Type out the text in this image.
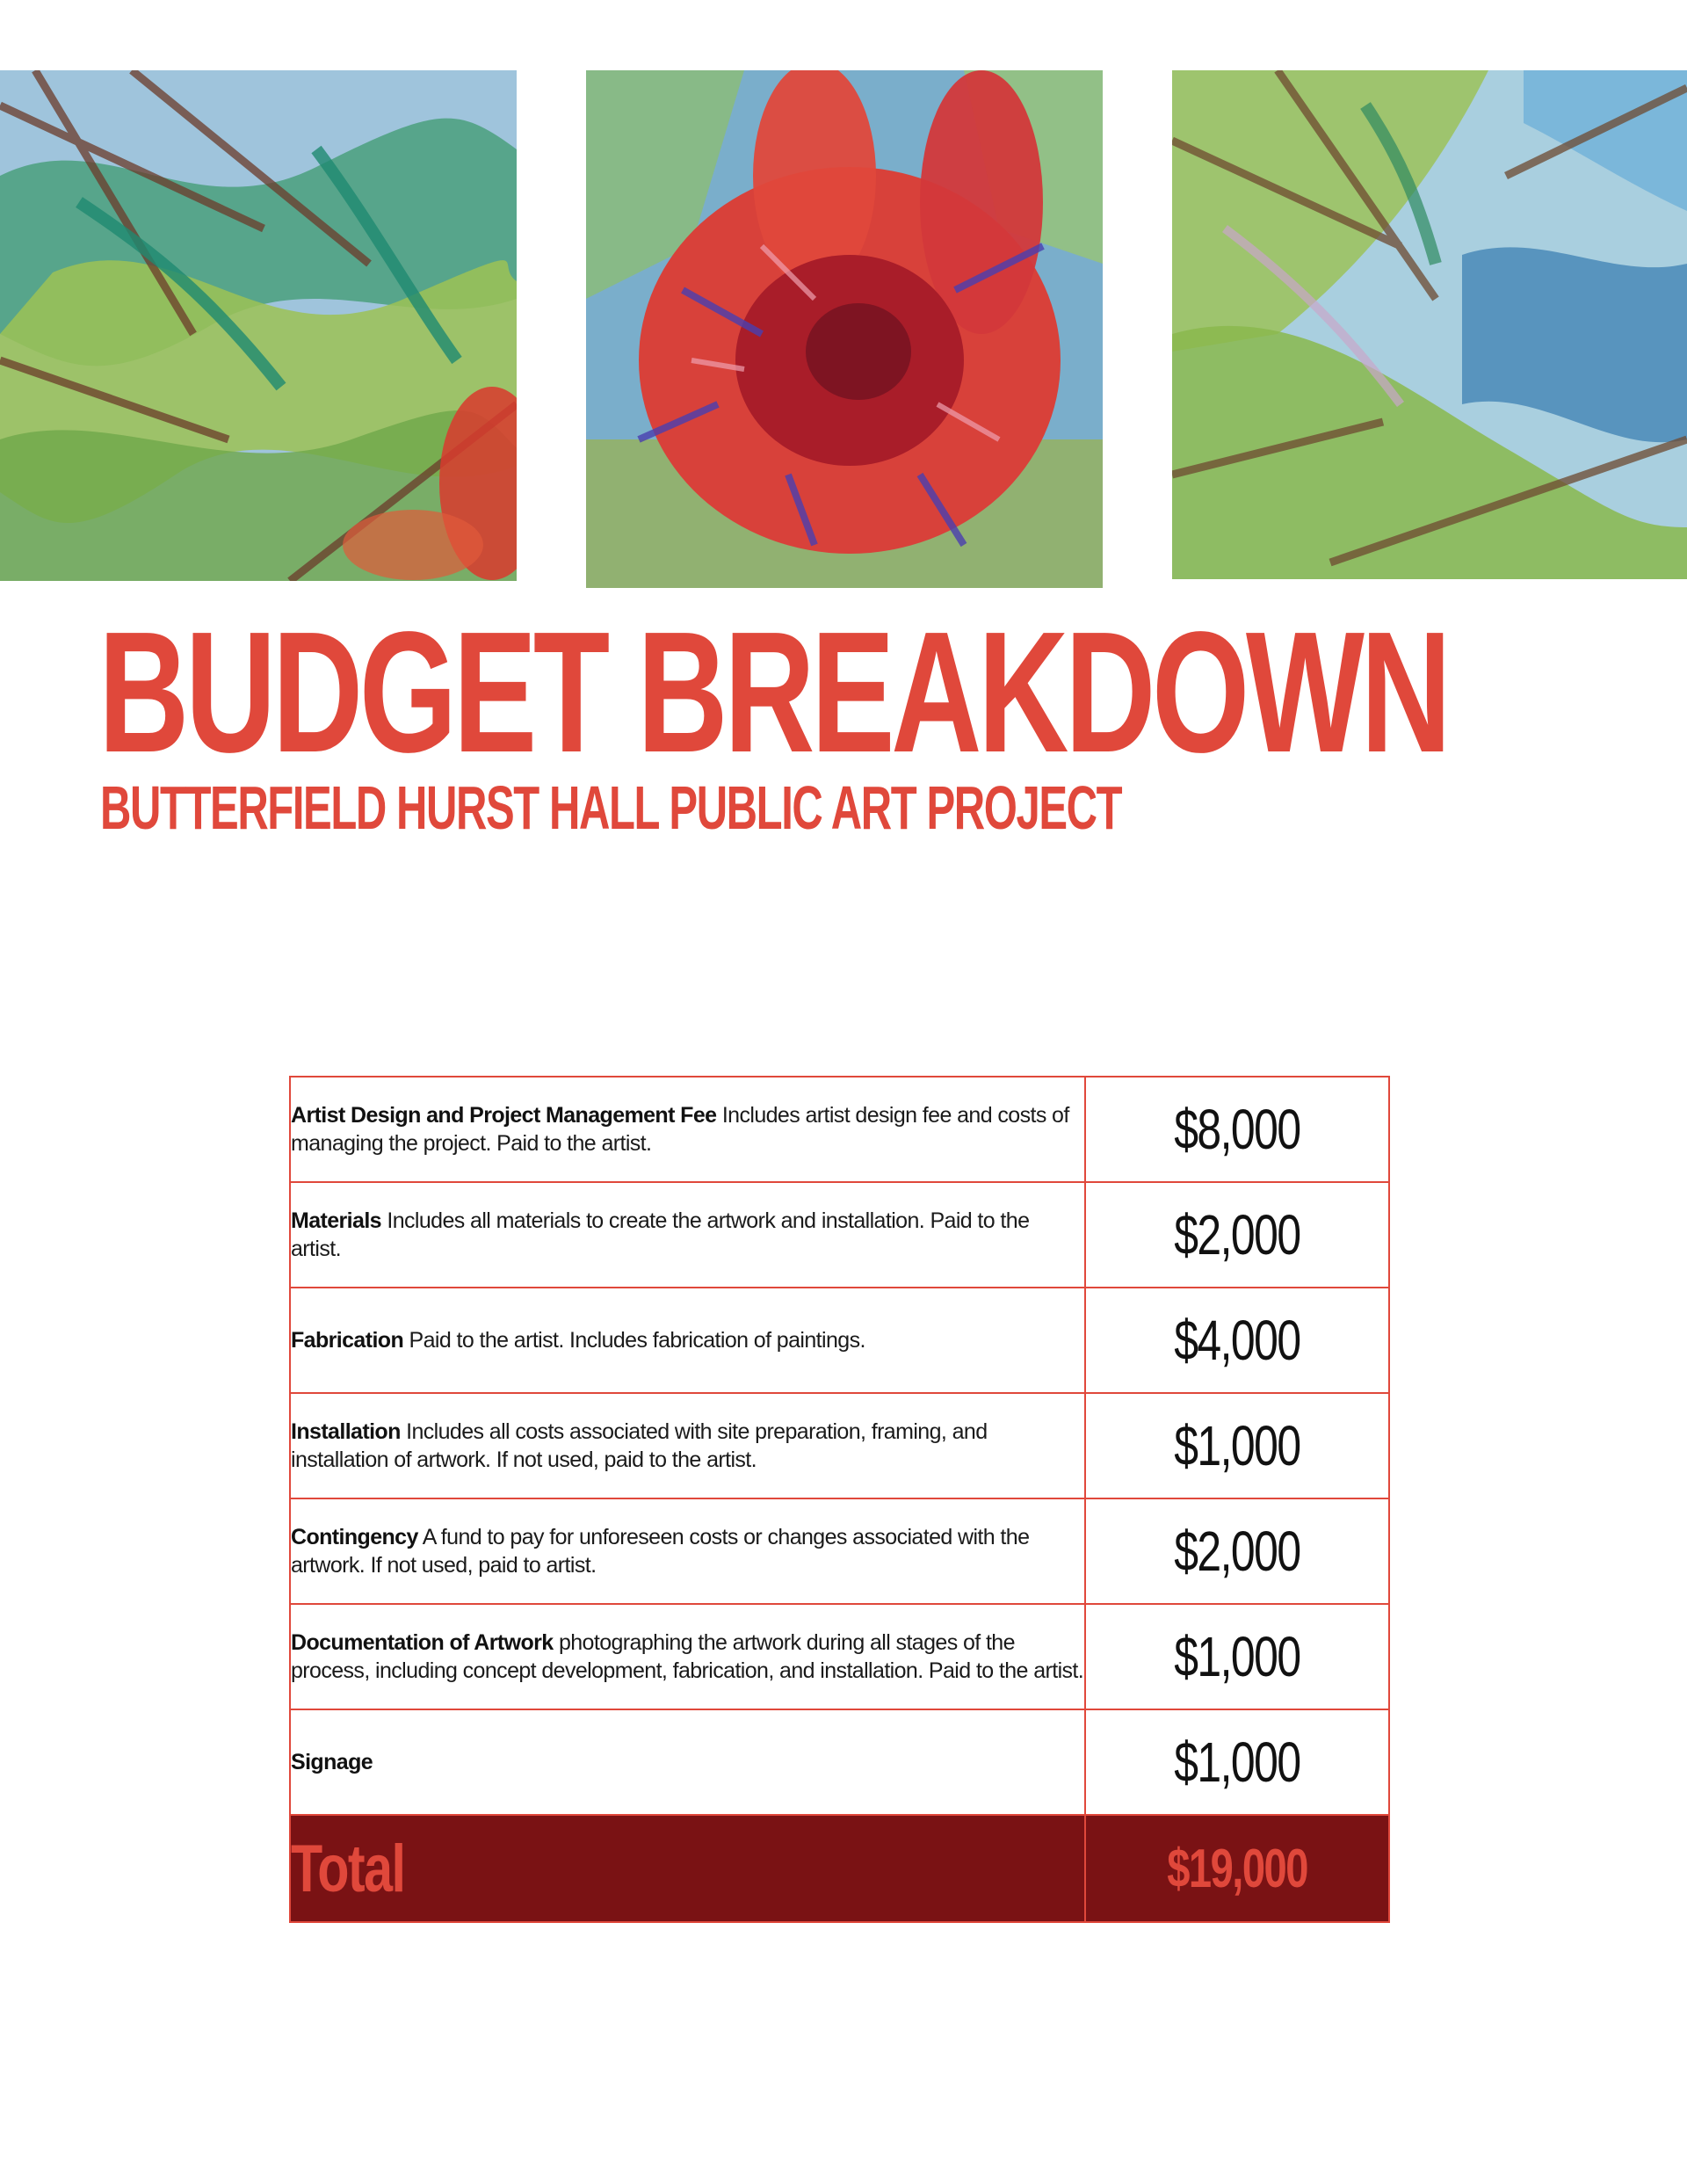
BUDGET BREAKDOWN
BUTTERFIELD HURST HALL PUBLIC ART PROJECT
Artist Design and Project Management Fee Includes artist design fee and costs of managing the project. Paid to the artist.	$8,000
Materials Includes all materials to create the artwork and installation. Paid to the artist.	$2,000
Fabrication Paid to the artist. Includes fabrication of paintings.	$4,000
Installation Includes all costs associated with site preparation, framing, and installation of artwork. If not used, paid to the artist.	$1,000
Contingency A fund to pay for unforeseen costs or changes associated with the artwork. If not used, paid to artist.	$2,000
Documentation of Artwork photographing the artwork during all stages of the process, including concept development, fabrication, and installation. Paid to the artist.	$1,000
Signage	$1,000
Total	$19,000
